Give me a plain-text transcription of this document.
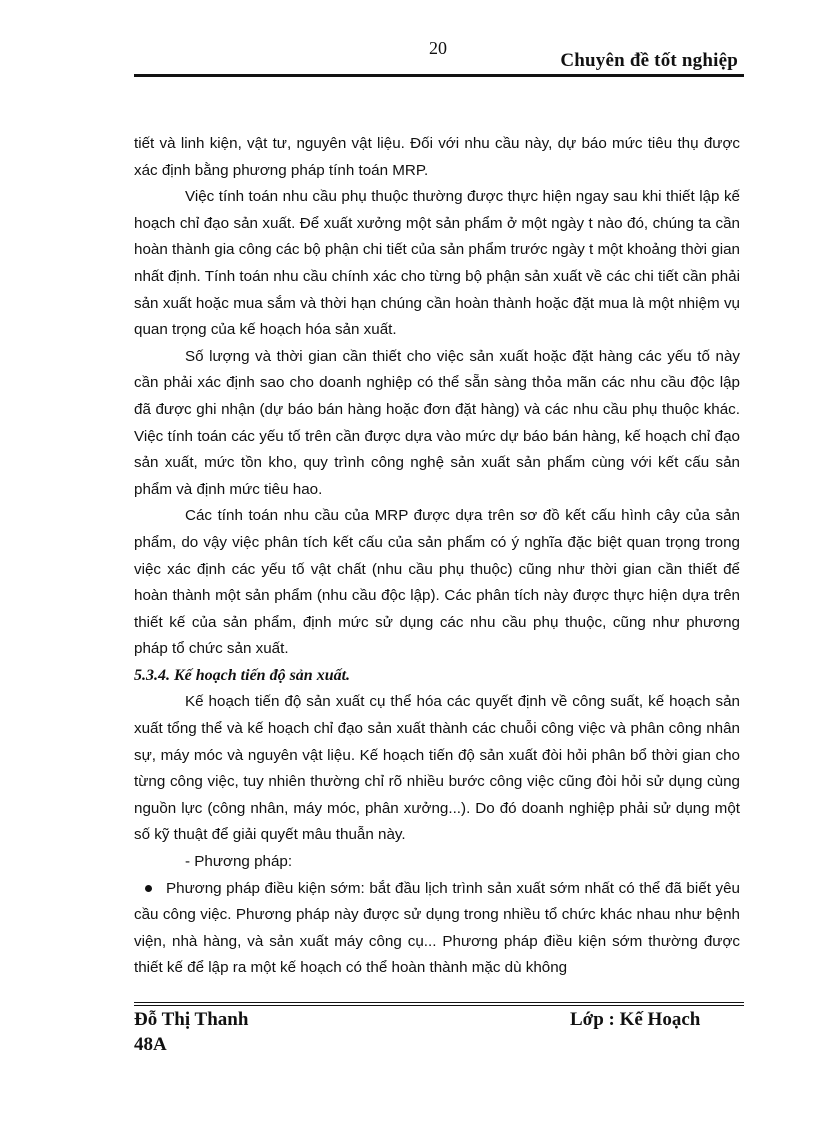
20
Chuyên đề tốt nghiệp

tiết và linh kiện, vật tư, nguyên vật liệu. Đối với nhu cầu này, dự báo mức tiêu thụ được xác định bằng phương pháp tính toán MRP.

Việc tính toán nhu cầu phụ thuộc thường được thực hiện ngay sau khi thiết lập kế hoạch chỉ đạo sản xuất. Để xuất xưởng một sản phẩm ở một ngày t nào đó, chúng ta cần hoàn thành gia công các bộ phận chi tiết của sản phẩm trước ngày t một khoảng thời gian nhất định. Tính toán nhu cầu chính xác cho từng bộ phận sản xuất về các chi tiết cần phải sản xuất hoặc mua sắm và thời hạn chúng cần hoàn thành hoặc đặt mua là một nhiệm vụ quan trọng của kế hoạch hóa sản xuất.

Số lượng và thời gian cần thiết cho việc sản xuất hoặc đặt hàng các yếu tố này cần phải xác định sao cho doanh nghiệp có thể sẵn sàng thỏa mãn các nhu cầu độc lập đã được ghi nhận (dự báo bán hàng hoặc đơn đặt hàng) và các nhu cầu phụ thuộc khác. Việc tính toán các yếu tố trên cần được dựa vào mức dự báo bán hàng, kế hoạch chỉ đạo sản xuất, mức tồn kho, quy trình công nghệ sản xuất sản phẩm cùng với kết cấu sản phẩm và định mức tiêu hao.

Các tính toán nhu cầu của MRP được dựa trên sơ đồ kết cấu hình cây của sản phẩm, do vậy việc phân tích kết cấu của sản phẩm có ý nghĩa đặc biệt quan trọng trong việc xác định các yếu tố vật chất (nhu cầu phụ thuộc) cũng như thời gian cần thiết để hoàn thành một sản phẩm (nhu cầu độc lập). Các phân tích này được thực hiện dựa trên thiết kế của sản phẩm, định mức sử dụng các nhu cầu phụ thuộc, cũng như phương pháp tổ chức sản xuất.

5.3.4. Kế hoạch tiến độ sản xuất.

Kế hoạch tiến độ sản xuất cụ thể hóa các quyết định về công suất, kế hoạch sản xuất tổng thể và kế hoạch chỉ đạo sản xuất thành các chuỗi công việc và phân công nhân sự, máy móc và nguyên vật liệu. Kế hoạch tiến độ sản xuất đòi hỏi phân bổ thời gian cho từng công việc, tuy nhiên thường chỉ rõ nhiều bước công việc cũng đòi hỏi sử dụng cùng nguồn lực (công nhân, máy móc, phân xưởng...). Do đó doanh nghiệp phải sử dụng một số kỹ thuật để giải quyết mâu thuẫn này.

- Phương pháp:

Phương pháp điều kiện sớm: bắt đầu lịch trình sản xuất sớm nhất có thể đã biết yêu cầu công việc. Phương pháp này được sử dụng trong nhiều tổ chức khác nhau như bệnh viện, nhà hàng, và sản xuất máy công cụ... Phương pháp điều kiện sớm thường được thiết kế để lập ra một kế hoạch có thể hoàn thành mặc dù không

Đỗ Thị Thanh
48A
Lớp : Kế Hoạch
